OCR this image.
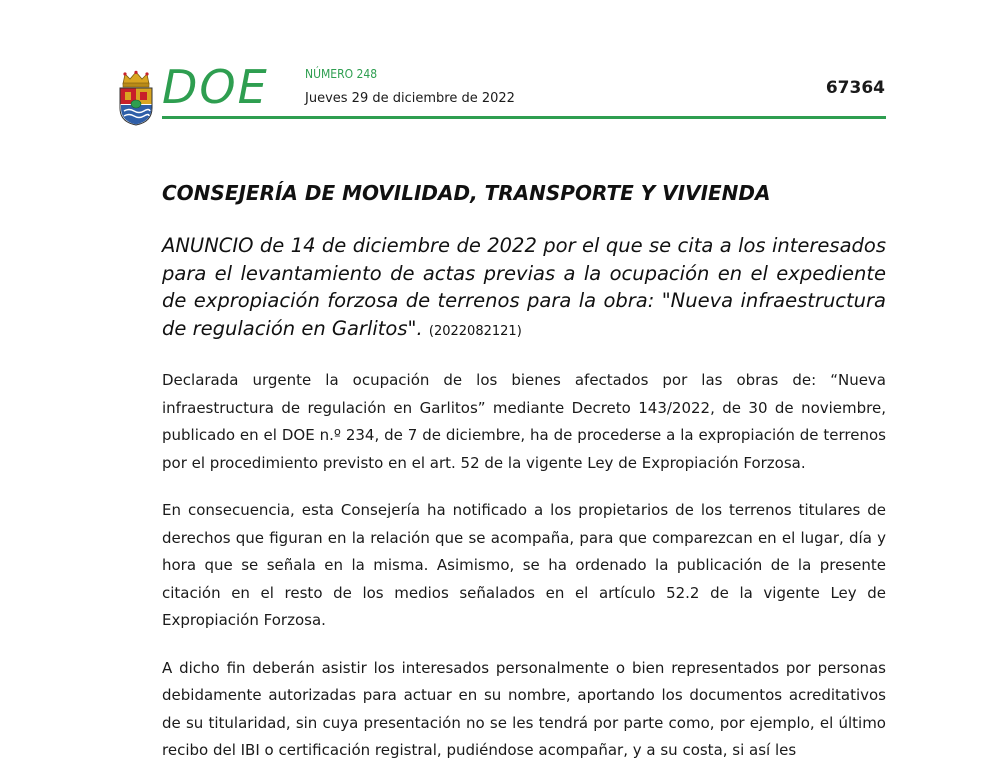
DOE	NÚMERO 248
Jueves 29 de diciembre de 2022
67364
CONSEJERÍA DE MOVILIDAD, TRANSPORTE Y VIVIENDA

ANUNCIO de 14 de diciembre de 2022 por el que se cita a los interesados para el levantamiento de actas previas a la ocupación en el expediente de expropiación forzosa de terrenos para la obra: "Nueva infraestructura de regulación en Garlitos". (2022082121)

Declarada urgente la ocupación de los bienes afectados por las obras de: “Nueva infraestructura de regulación en Garlitos” mediante Decreto 143/2022, de 30 de noviembre, publicado en el DOE n.º 234, de 7 de diciembre, ha de procederse a la expropiación de terrenos por el procedimiento previsto en el art. 52 de la vigente Ley de Expropiación Forzosa.

En consecuencia, esta Consejería ha notificado a los propietarios de los terrenos titulares de derechos que figuran en la relación que se acompaña, para que comparezcan en el lugar, día y hora que se señala en la misma. Asimismo, se ha ordenado la publicación de la presente citación en el resto de los medios señalados en el artículo 52.2 de la vigente Ley de Expropiación Forzosa.

A dicho fin deberán asistir los interesados personalmente o bien representados por personas debidamente autorizadas para actuar en su nombre, aportando los documentos acreditativos de su titularidad, sin cuya presentación no se les tendrá por parte como, por ejemplo, el último recibo del IBI o certificación registral, pudiéndose acompañar, y a su costa, si así les
